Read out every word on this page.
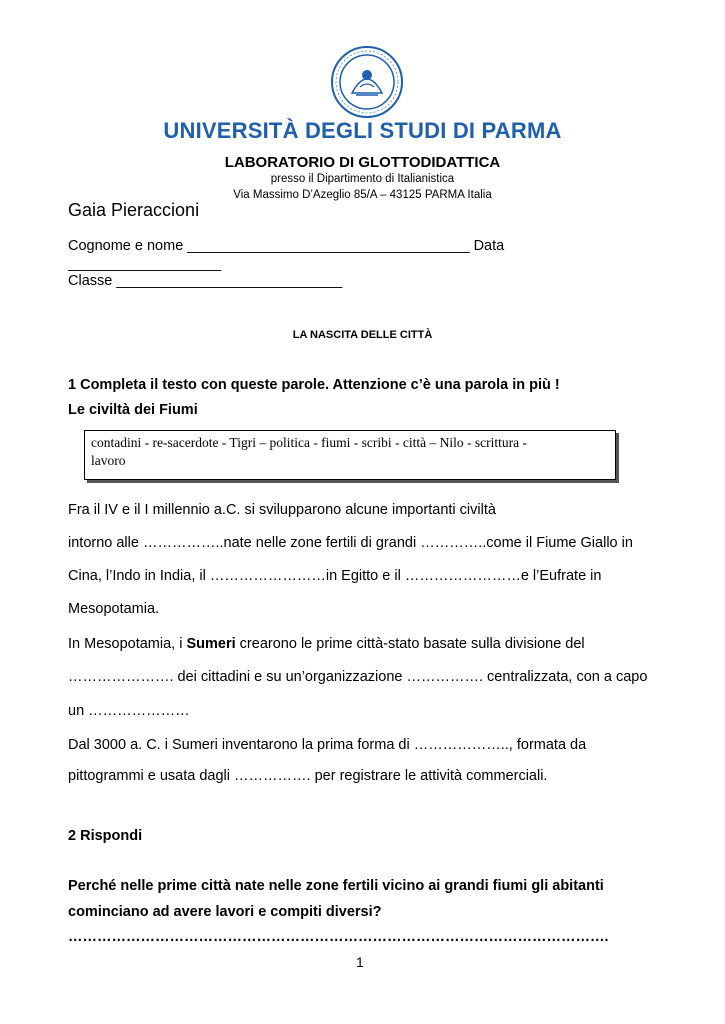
UNIVERSITÀ DEGLI STUDI DI PARMA
LABORATORIO DI GLOTTODIDATTICA
presso il Dipartimento di Italianistica
Via Massimo D’Azeglio 85/A – 43125 PARMA Italia
Gaia Pieraccioni
Cognome e nome ___________________________________ Data
___________________
Classe ____________________________
LA NASCITA DELLE CITTÀ
1 Completa il testo con queste parole. Attenzione c’è una parola in più !
Le civiltà dei Fiumi
contadini - re-sacerdote - Tigri – politica - fiumi - scribi - città – Nilo - scrittura -
lavoro
Fra il IV e il I millennio a.C. si svilupparono alcune importanti civiltà
intorno alle ……………..nate nelle zone fertili di grandi …………..come il Fiume Giallo in
Cina, l’Indo in India, il ……………………in Egitto e il ……………………e l’Eufrate in
Mesopotamia.
In Mesopotamia, i Sumeri crearono le prime città-stato basate sulla divisione del
…………………. dei cittadini e su un’organizzazione ……………. centralizzata, con a capo
un …………………
Dal 3000 a. C. i Sumeri inventarono la prima forma di ……………….., formata da
pittogrammi e usata dagli ……………. per registrare le attività commerciali.
2 Rispondi
Perché nelle prime città nate nelle zone fertili vicino ai grandi fiumi gli abitanti
cominciano ad avere lavori e compiti diversi?
………………………………………………………………………………………………….
1
